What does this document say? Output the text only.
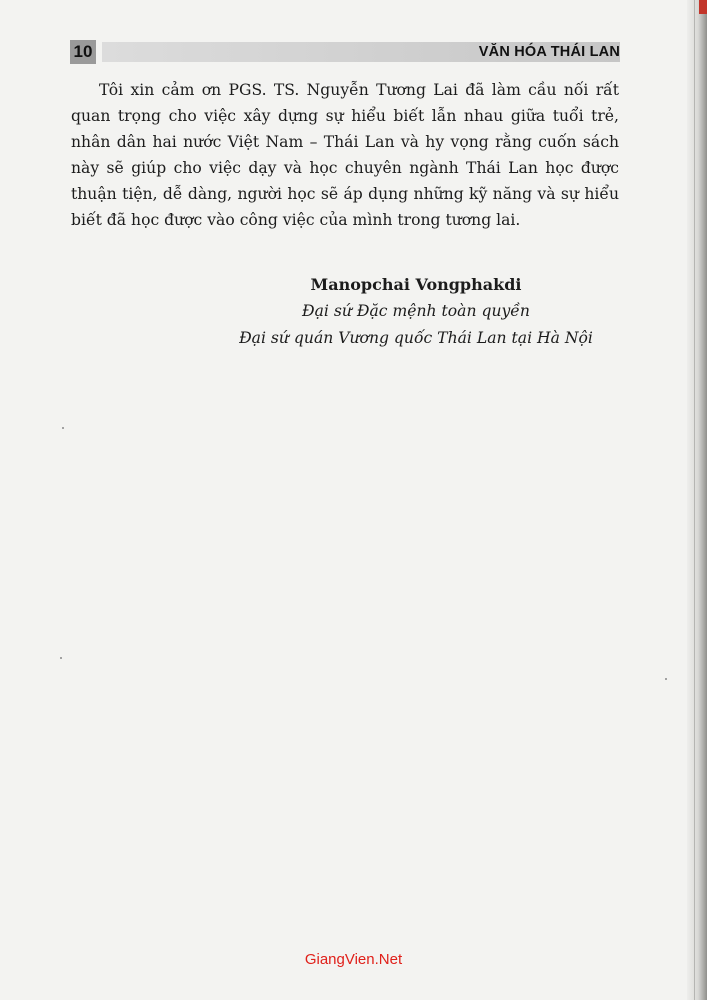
10	VĂN HÓA THÁI LAN

Tôi xin cảm ơn PGS. TS. Nguyễn Tương Lai đã làm cầu nối rất quan trọng cho việc xây dựng sự hiểu biết lẫn nhau giữa tuổi trẻ, nhân dân hai nước Việt Nam – Thái Lan và hy vọng rằng cuốn sách này sẽ giúp cho việc dạy và học chuyên ngành Thái Lan học được thuận tiện, dễ dàng, người học sẽ áp dụng những kỹ năng và sự hiểu biết đã học được vào công việc của mình trong tương lai.

Manopchai Vongphakdi
Đại sứ Đặc mệnh toàn quyền
Đại sứ quán Vương quốc Thái Lan tại Hà Nội
GiangVien.Net
